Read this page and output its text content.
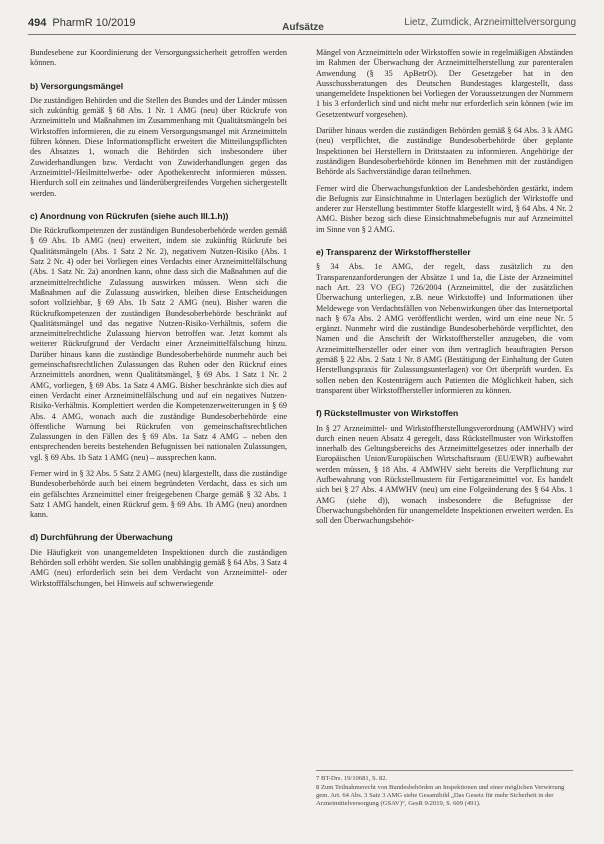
494 PharmR 10/2019	Aufsätze	Lietz, Zumdick, Arzneimittelversorgung

Bundesebene zur Koordinierung der Versorgungssicherheit getroffen werden können.

b) Versorgungsmängel

Die zuständigen Behörden und die Stellen des Bundes und der Länder müssen sich zukünftig gemäß § 68 Abs. 1 Nr. 1 AMG (neu) über Rückrufe von Arzneimitteln und Maßnahmen im Zusammenhang mit Qualitätsmängeln bei Wirkstoffen informieren, die zu einem Versorgungsmangel mit Arzneimitteln führen können. Diese Informationspflicht erweitert die Mitteilungspflichten des Absatzes 1, wonach die Behörden sich insbesondere über Zuwiderhandlungen bzw. Verdacht von Zuwiderhandlungen gegen das Arzneimittel-/Heilmittelwerbe- oder Apothekenrecht informieren müssen. Hierdurch soll ein zeitnahes und länderübergreifendes Vorgehen sichergestellt werden.

c) Anordnung von Rückrufen (siehe auch III.1.h))

Die Rückrufkompetenzen der zuständigen Bundesoberbehörde werden gemäß § 69 Abs. 1b AMG (neu) erweitert, indem sie zukünftig Rückrufe bei Qualitätsmängeln (Abs. 1 Satz 2 Nr. 2), negativem Nutzen-Risiko (Abs. 1 Satz 2 Nr. 4) oder bei Vorliegen eines Verdachts einer Arzneimittelfälschung (Abs. 1 Satz Nr. 2a) anordnen kann, ohne dass sich die Maßnahmen auf die arzneimittelrechtliche Zulassung auswirken müssen. Wenn sich die Maßnahmen auf die Zulassung auswirken, bleiben diese Entscheidungen sofort vollziehbar, § 69 Abs. 1b Satz 2 AMG (neu). Bisher waren die Rückrufkompetenzen der zuständigen Bundesoberbehörde beschränkt auf Qualitätsmängel und das negative Nutzen-Risiko-Verhältnis, sofern die arzneimittelrechtliche Zulassung hiervon betroffen war. Jetzt kommt als weiterer Rückrufgrund der Verdacht einer Arzneimittelfälschung hinzu. Darüber hinaus kann die zuständige Bundesoberbehörde nunmehr auch bei gemeinschaftsrechtlichen Zulassungen das Ruhen oder den Rückruf eines Arzneimittels anordnen, wenn Qualitätsmängel, § 69 Abs. 1 Satz 1 Nr. 2 AMG, vorliegen, § 69 Abs. 1a Satz 4 AMG. Bisher beschränkte sich dies auf einen Verdacht einer Arzneimittelfälschung und auf ein negatives Nutzen-Risiko-Verhältnis. Komplettiert werden die Kompetenzerweiterungen in § 69 Abs. 4 AMG, wonach auch die zuständige Bundesoberbehörde eine öffentliche Warnung bei Rückrufen von gemeinschaftsrechtlichen Zulassungen in den Fällen des § 69 Abs. 1a Satz 4 AMG – neben den entsprechenden bereits bestehenden Befugnissen bei nationalen Zulassungen, vgl. § 69 Abs. 1b Satz 1 AMG (neu) – aussprechen kann.

Ferner wird in § 32 Abs. 5 Satz 2 AMG (neu) klargestellt, dass die zuständige Bundesoberbehörde auch bei einem begründeten Verdacht, dass es sich um ein gefälschtes Arzneimittel einer freigegebenen Charge gemäß § 32 Abs. 1 Satz 1 AMG handelt, einen Rückruf gem. § 69 Abs. 1b AMG (neu) anordnen kann.

d) Durchführung der Überwachung

Die Häufigkeit von unangemeldeten Inspektionen durch die zuständigen Behörden soll erhöht werden. Sie sollen unabhängig gemäß § 64 Abs. 3 Satz 4 AMG (neu) erforderlich sein bei dem Verdacht von Arzneimittel- oder Wirkstofffälschungen, bei Hinweis auf schwerwiegende

Mängel von Arzneimitteln oder Wirkstoffen sowie in regelmäßigen Abständen im Rahmen der Überwachung der Arzneimittelherstellung zur parenteralen Anwendung (§ 35 ApBetrO). Der Gesetzgeber hat in den Ausschussberatungen des Deutschen Bundestages klargestellt, dass unangemeldete Inspektionen bei Vorliegen der Voraussetzungen der Nummern 1 bis 3 erforderlich sind und nicht mehr nur erforderlich sein können (wie im Gesetzentwurf vorgesehen).

Darüber hinaus werden die zuständigen Behörden gemäß § 64 Abs. 3 k AMG (neu) verpflichtet, die zuständige Bundesoberbehörde über geplante Inspektionen bei Herstellern in Drittstaaten zu informieren. Angehörige der zuständigen Bundesoberbehörde können im Benehmen mit der zuständigen Behörde als Sachverständige daran teilnehmen.

Ferner wird die Überwachungsfunktion der Landesbehörden gestärkt, indem die Befugnis zur Einsichtnahme in Unterlagen bezüglich der Wirkstoffe und anderer zur Herstellung bestimmter Stoffe klargestellt wird, § 64 Abs. 4 Nr. 2 AMG. Bisher bezog sich diese Einsichtnahmebefugnis nur auf Arzneimittel im Sinne von § 2 AMG.

e) Transparenz der Wirkstoffhersteller

§ 34 Abs. 1e AMG, der regelt, dass zusätzlich zu den Transparenzanforderungen der Absätze 1 und 1a, die Liste der Arzneimittel nach Art. 23 VO (EG) 726/2004 (Arzneimittel, die der zusätzlichen Überwachung unterliegen, z.B. neue Wirkstoffe) und Informationen über Meldewege von Verdachtsfällen von Nebenwirkungen über das Internetportal nach § 67a Abs. 2 AMG veröffentlicht werden, wird um eine neue Nr. 5 ergänzt. Nunmehr wird die zuständige Bundesoberbehörde verpflichtet, den Namen und die Anschrift der Wirkstoffhersteller anzugeben, die vom Arzneimittelhersteller oder einer von ihm vertraglich beauftragten Person gemäß § 22 Abs. 2 Satz 1 Nr. 8 AMG (Bestätigung der Einhaltung der Guten Herstellungspraxis für Zulassungsunterlagen) vor Ort überprüft wurden. Es sollen neben den Kostenträgern auch Patienten die Möglichkeit haben, sich transparent über Wirkstoffhersteller informieren zu können.

f) Rückstellmuster von Wirkstoffen

In § 27 Arzneimittel- und Wirkstoffherstellungsverordnung (AMWHV) wird durch einen neuen Absatz 4 geregelt, dass Rückstellmuster von Wirkstoffen innerhalb des Geltungsbereichs des Arzneimittelgesetzes oder innerhalb der Europäischen Union/Europäischen Wirtschaftsraum (EU/EWR) aufbewahrt werden müssen, § 18 Abs. 4 AMWHV sieht bereits die Verpflichtung zur Aufbewahrung von Rückstellmustern für Fertigarzneimittel vor. Es handelt sich bei § 27 Abs. 4 AMWHV (neu) um eine Folgeänderung des § 64 Abs. 1 AMG (siehe d)), wonach insbesondere die Befugnisse der Überwachungsbehörden für unangemeldete Inspektionen erweitert werden. Es soll den Überwachungsbehör-

7 BT-Drs. 19/10681, S. 82.
8 Zum Teilnahmerecht von Bundesbehörden an Inspektionen und einer möglichen Verwirrung gem. Art. 64 Abs. 3 Satz 3 AMG siehe Gesamtbild „Das Gesetz für mehr Sicherheit in der Arzneimittelversorgung (GSAV)“, GesR 9/2019, S. 609 (491).
